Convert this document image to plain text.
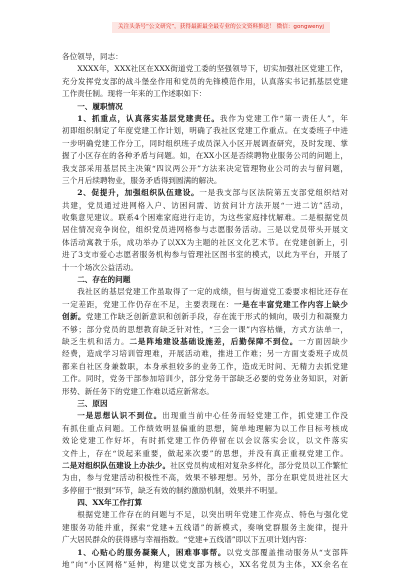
关注头条号“公文研究”，获得最新最全最专业的公文资料推送！ 微信：gongwenyj
各位领导，同志：
XXXX年，XXX社区在XXX街道党工委的坚强领导下，切实加强社区党建工作，
充分发挥党支部的战斗堡垒作用和党员的先锋模范作用，认真落实书记抓基层党建
工作责任制。现将一年来的工作述职如下：
一、履职情况
1、抓重点，认真落实基层党建责任。我作为党建工作“第一责任人”，年
初即组织制定了年度党建工作计划，明确了我社区党建工作重点。在支委班子中进
一步明确党建工作分工，同时组织班子成员深入小区开展调查研究，及时发现、掌
握了小区存在的各种矛盾与问题。如，在XX小区是否续聘物业服务公司的问题上，
我支部采用基层民主决策“四议两公开”方法来决定管理物业公司的去与留问题，
三个月后续聘物业，服务矛盾得到圆满的解决。
2、促提升，加强组织队伍建设。一是我支部与区法院第五支部党组织结对
共建，党员通过进网格入户、访困问需、访贫问计方法开展“一进二访”活动，
收集意见建议。联系4个困难家庭进行走访，为这些家庭排忧解难。二是根据党员
居住情况竞争岗位，组织党员进网格参与志愿服务活动。三是以党员带头开展文
体活动寓教于乐，成功举办了以XX为主题的社区文化艺术节。在党建创新上，引
进了3支市爱心志愿者服务机构参与管理社区图书室的模式，以此为平台，开展了
十一个场次公益活动。
二、存在的问题
我社区的基层党建工作虽取得了一定的成绩，但与街道党工委要求相比还存在
一定差距，党建工作仍存在不足，主要表现在：一是在丰富党建工作内容上缺少
创新。党建工作缺乏创新意识和创新手段，存在流于形式的倾向，吸引力和凝聚力
不够；部分党员的思想教育缺乏针对性，“三会一课”内容枯燥，方式方法单一，
缺乏生机和活力。二是阵地建设基础设施差，后勤保障不到位。一方面因缺少
经费，造成学习培训管理难，开展活动难，推进工作难；另一方面支委班子成员
都来自社区身兼数职，本身承担较多的业务工作，造成无时间、无精力去抓党建
工作。同时，党务干部参加培训少，部分党务干部缺乏必要的党务业务知识，对新
形势、新任务下的党建工作难以适应新常态。
三、原因
一是思想认识不到位。出现重当前中心任务而轻党建工作，抓党建工作没
有抓住重点问题。工作绩效明显偏重的思想，简单地理解为以工作目标考核成
效论党建工作好坏，有时抓党建工作仍停留在以会议落实会议，以文件落实
文件上，存在“说起来重要，做起来次要”的思想，并没有真正重视党建工作。
二是对组织队伍建设上办法少。社区党员构成相对复杂多样化，部分党员以工作繁忙
为由，参与党建活动积极性不高，效果不够理想。另外，部分在职党员进社区大
多停留于“报到”环节，缺乏有效的制约激励机制，效果并不明显。
四、XX年工作打算
根据党建工作存在的问题与不足，以突出明年党建工作亮点、特色与强化党
建服务功能并重，探索“党建+五线谱”的新模式，奏响党群服务主旋律，提升
广大居民群众的获得感与幸福指数。“党建+五线谱”即以下五项计划内容：
1、心贴心的服务凝聚人，困难事事帮。以党支部覆盖推动服务从“支部阵
地”向“小区网格”延伸，构建以党支部为核心，XX名党员为主体，XX余名在
